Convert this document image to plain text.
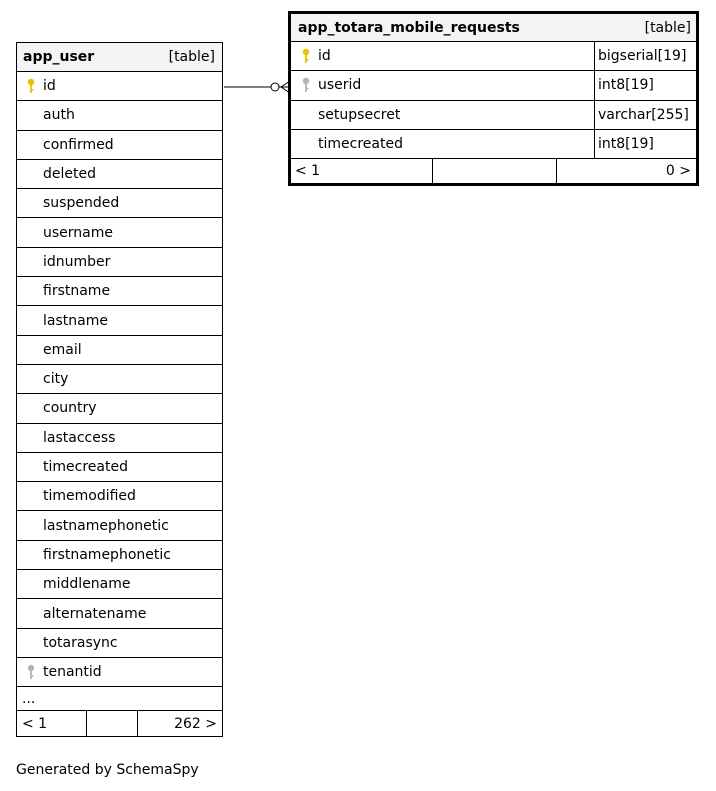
app_user	[table]
id
auth
confirmed
deleted
suspended
username
idnumber
firstname
lastname
email
city
country
lastaccess
timecreated
timemodified
lastnamephonetic
firstnamephonetic
middlename
alternatename
totarasync
tenantid
...
< 1	262 >
app_totara_mobile_requests	[table]
id	bigserial[19]
userid	int8[19]
setupsecret	varchar[255]
timecreated	int8[19]
< 1	0 >
Generated by SchemaSpy
